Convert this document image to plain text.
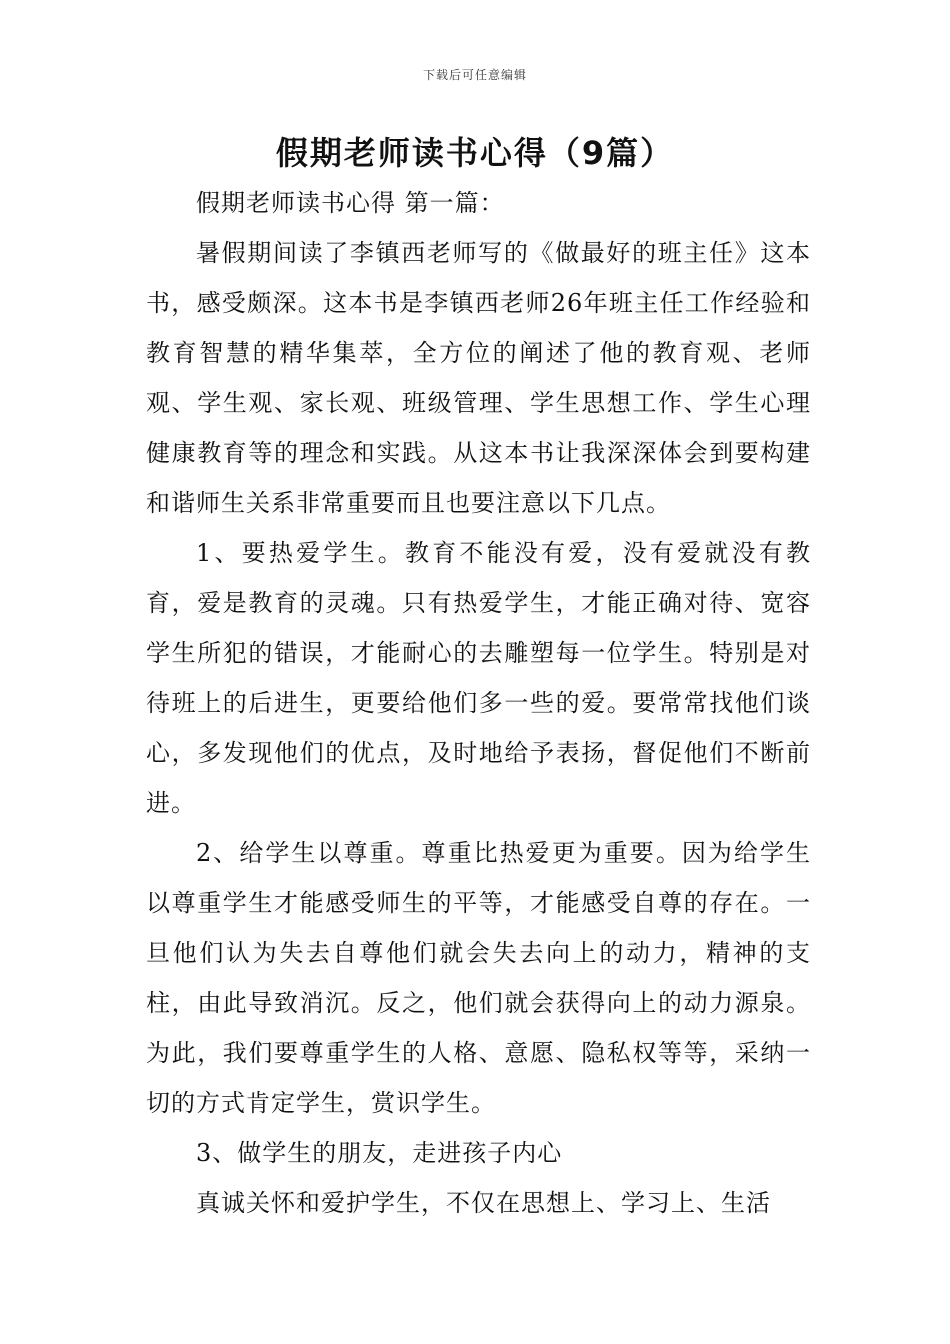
下载后可任意编辑
假期老师读书心得（9篇）

假期老师读书心得 第一篇：

暑假期间读了李镇西老师写的《做最好的班主任》这本书，感受颇深。这本书是李镇西老师26年班主任工作经验和教育智慧的精华集萃，全方位的阐述了他的教育观、老师观、学生观、家长观、班级管理、学生思想工作、学生心理健康教育等的理念和实践。从这本书让我深深体会到要构建和谐师生关系非常重要而且也要注意以下几点。

1、要热爱学生。教育不能没有爱，没有爱就没有教育，爱是教育的灵魂。只有热爱学生，才能正确对待、宽容学生所犯的错误，才能耐心的去雕塑每一位学生。特别是对待班上的后进生，更要给他们多一些的爱。要常常找他们谈心，多发现他们的优点，及时地给予表扬，督促他们不断前进。

2、给学生以尊重。尊重比热爱更为重要。因为给学生以尊重学生才能感受师生的平等，才能感受自尊的存在。一旦他们认为失去自尊他们就会失去向上的动力，精神的支柱，由此导致消沉。反之，他们就会获得向上的动力源泉。为此，我们要尊重学生的人格、意愿、隐私权等等，采纳一切的方式肯定学生，赏识学生。

3、做学生的朋友，走进孩子内心

真诚关怀和爱护学生，不仅在思想上、学习上、生活
